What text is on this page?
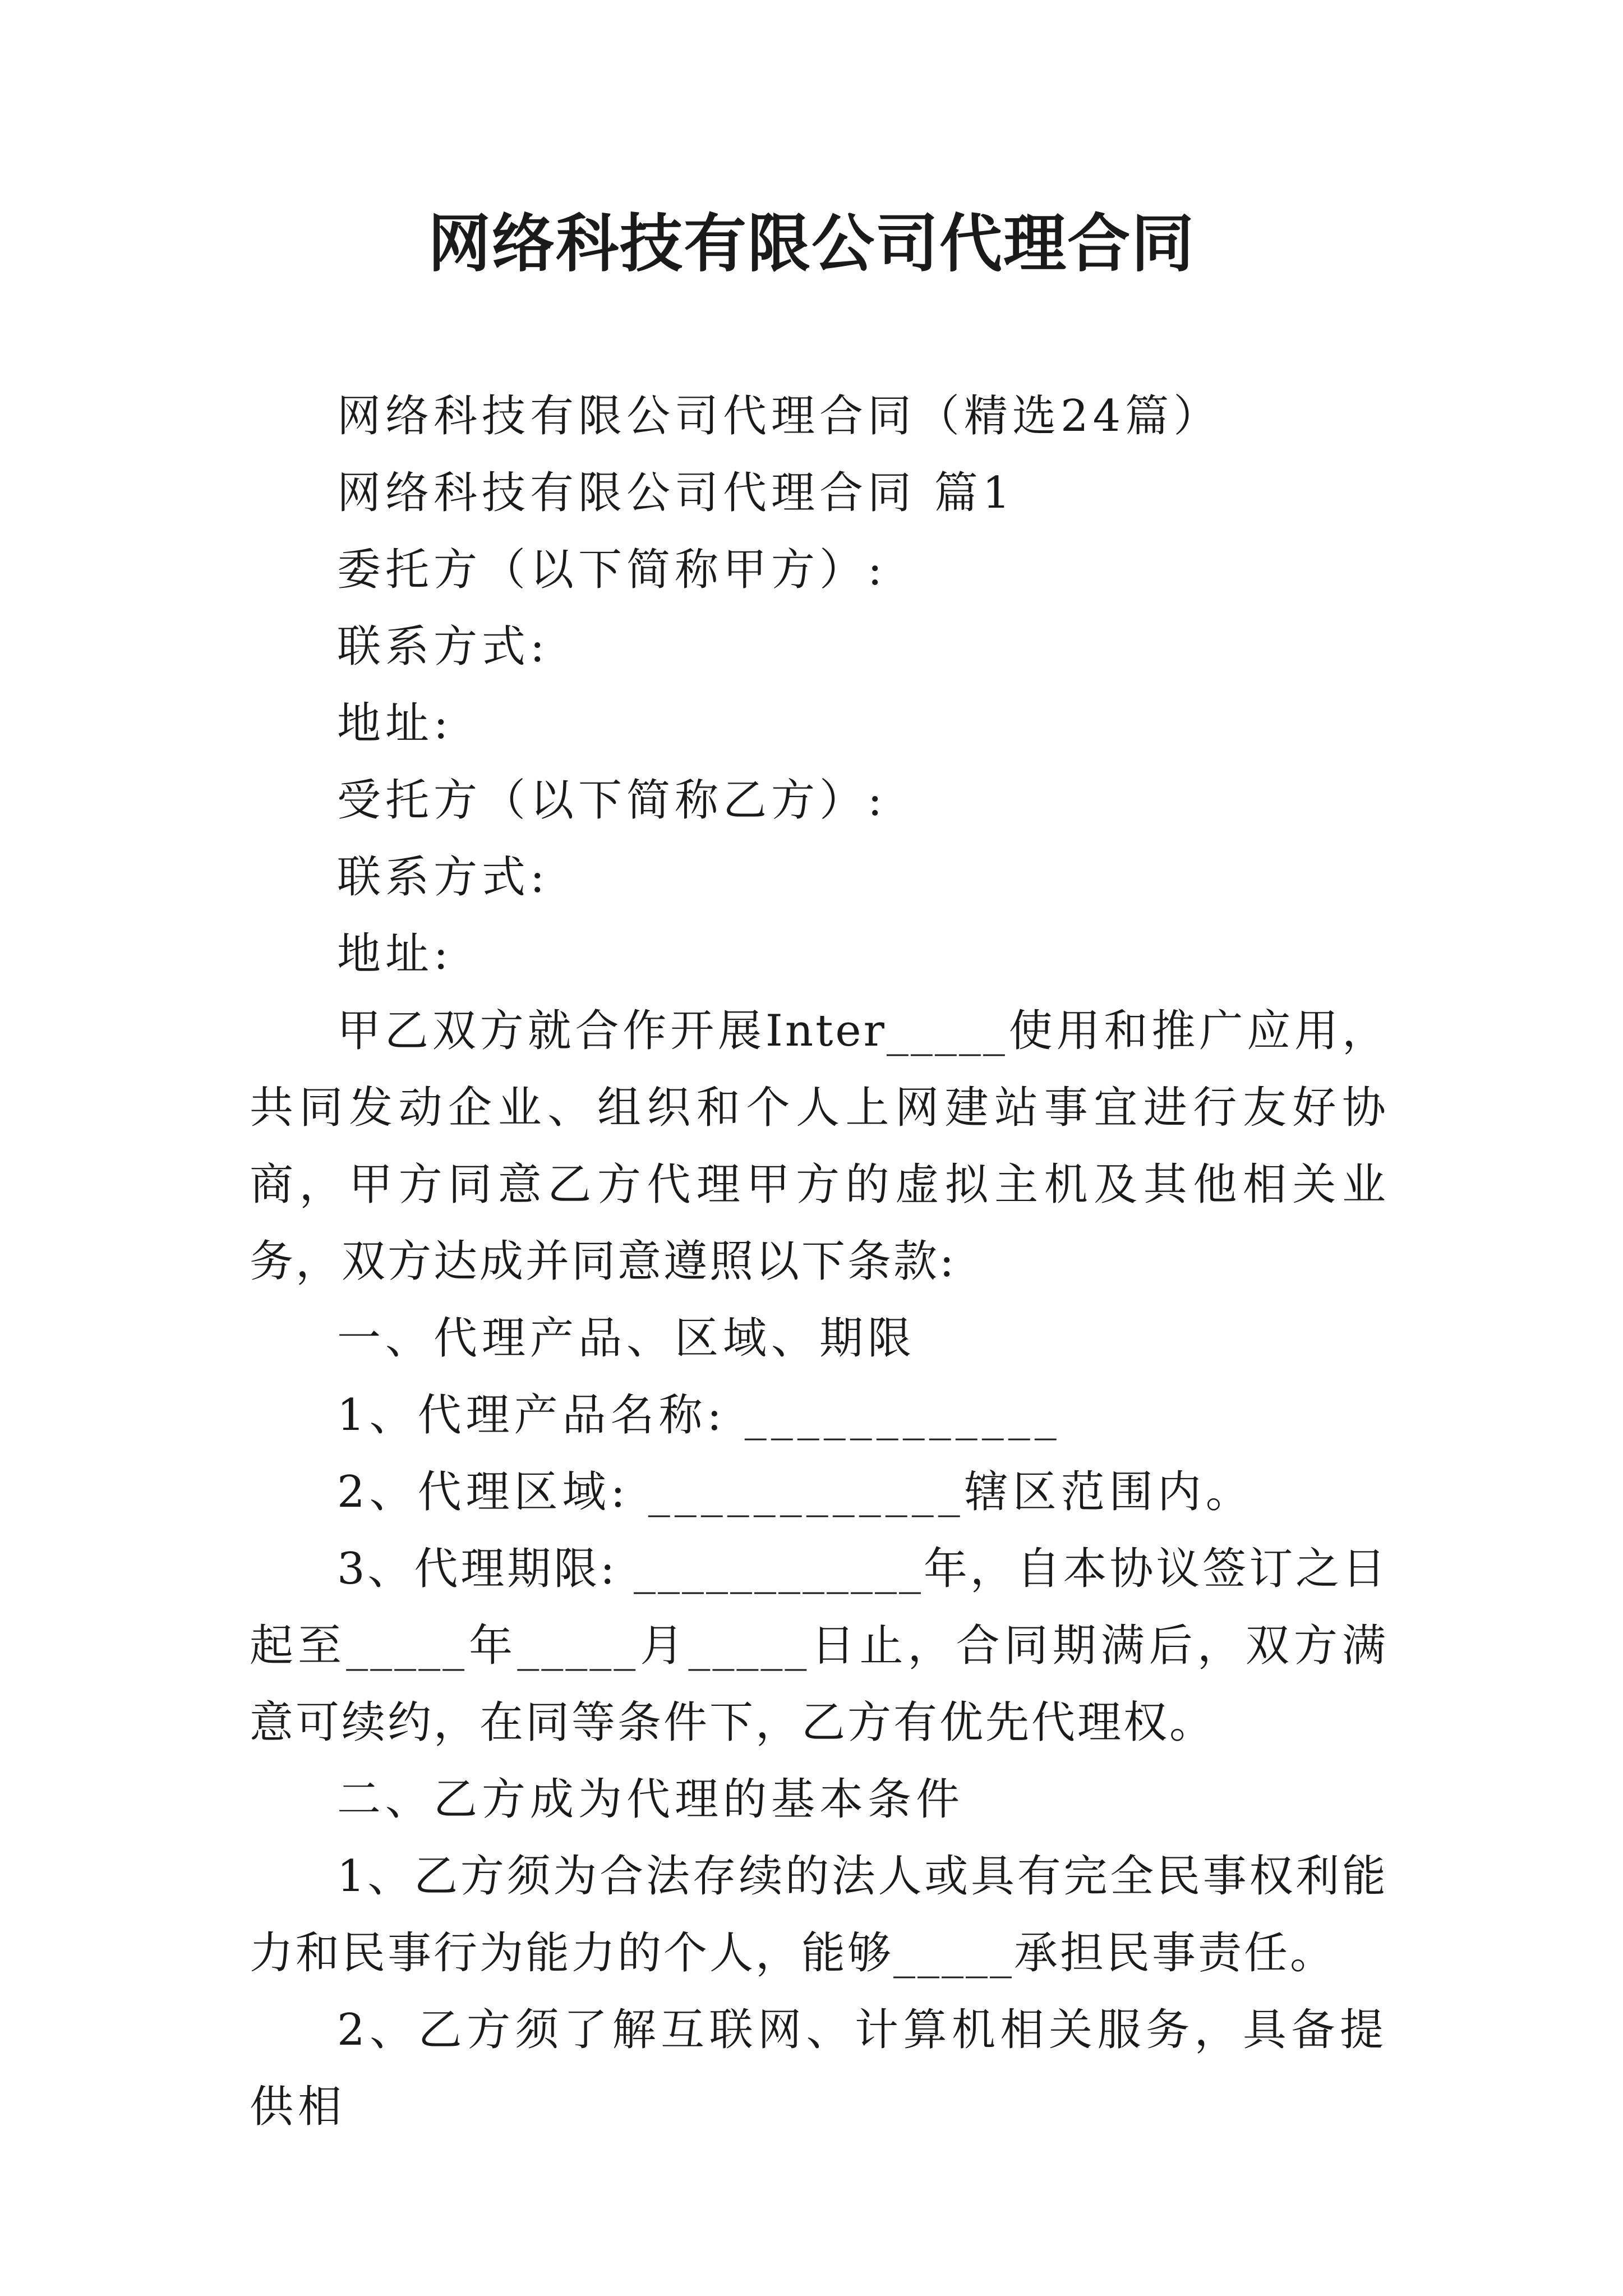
网络科技有限公司代理合同

网络科技有限公司代理合同（精选24篇）

网络科技有限公司代理合同 篇1

委托方（以下简称甲方）:

联系方式:

地址:

受托方（以下简称乙方）:

联系方式:

地址:

甲乙双方就合作开展Inter_____使用和推广应用，共同发动企业、组织和个人上网建站事宜进行友好协商，甲方同意乙方代理甲方的虚拟主机及其他相关业务，双方达成并同意遵照以下条款:

一、代理产品、区域、期限

1、代理产品名称: ____________

2、代理区域: ____________辖区范围内。

3、代理期限: ____________年，自本协议签订之日起至_____年_____月_____日止，合同期满后，双方满意可续约，在同等条件下，乙方有优先代理权。

二、乙方成为代理的基本条件

1、乙方须为合法存续的法人或具有完全民事权利能力和民事行为能力的个人，能够_____承担民事责任。

2、乙方须了解互联网、计算机相关服务，具备提供相
